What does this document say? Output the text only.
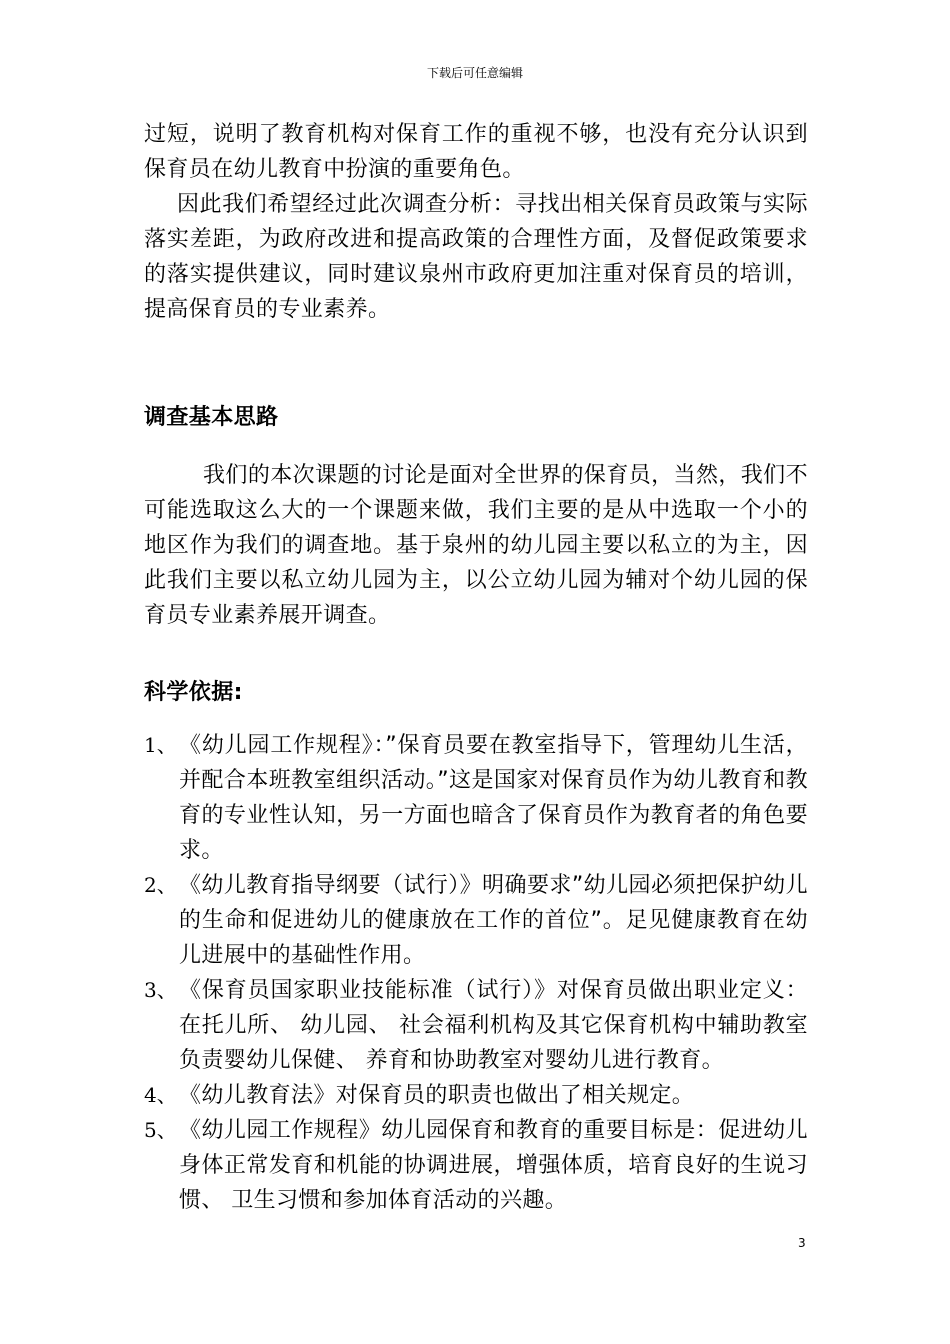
下载后可任意编辑

过短，说明了教育机构对保育工作的重视不够，也没有充分认识到保育员在幼儿教育中扮演的重要角色。

因此我们希望经过此次调查分析：寻找出相关保育员政策与实际落实差距，为政府改进和提高政策的合理性方面，及督促政策要求的落实提供建议，同时建议泉州市政府更加注重对保育员的培训，提高保育员的专业素养。

调查基本思路

我们的本次课题的讨论是面对全世界的保育员，当然，我们不可能选取这么大的一个课题来做，我们主要的是从中选取一个小的地区作为我们的调查地。基于泉州的幼儿园主要以私立的为主，因此我们主要以私立幼儿园为主，以公立幼儿园为辅对个幼儿园的保育员专业素养展开调查。

科学依据:
1、 《幼儿园工作规程》：”保育员要在教室指导下，管理幼儿生活，并配合本班教室组织活动。”这是国家对保育员作为幼儿教育和教育的专业性认知，另一方面也暗含了保育员作为教育者的角色要求。
2、 《幼儿教育指导纲要（试行）》明确要求”幼儿园必须把保护幼儿的生命和促进幼儿的健康放在工作的首位”。足见健康教育在幼儿进展中的基础性作用。
3、 《保育员国家职业技能标准（试行）》对保育员做出职业定义：在托儿所、 幼儿园、 社会福利机构及其它保育机构中辅助教室负责婴幼儿保健、 养育和协助教室对婴幼儿进行教育。
4、 《幼儿教育法》对保育员的职责也做出了相关规定。
5、 《幼儿园工作规程》幼儿园保育和教育的重要目标是：促进幼儿身体正常发育和机能的协调进展，增强体质，培育良好的生说习惯、 卫生习惯和参加体育活动的兴趣。
3
